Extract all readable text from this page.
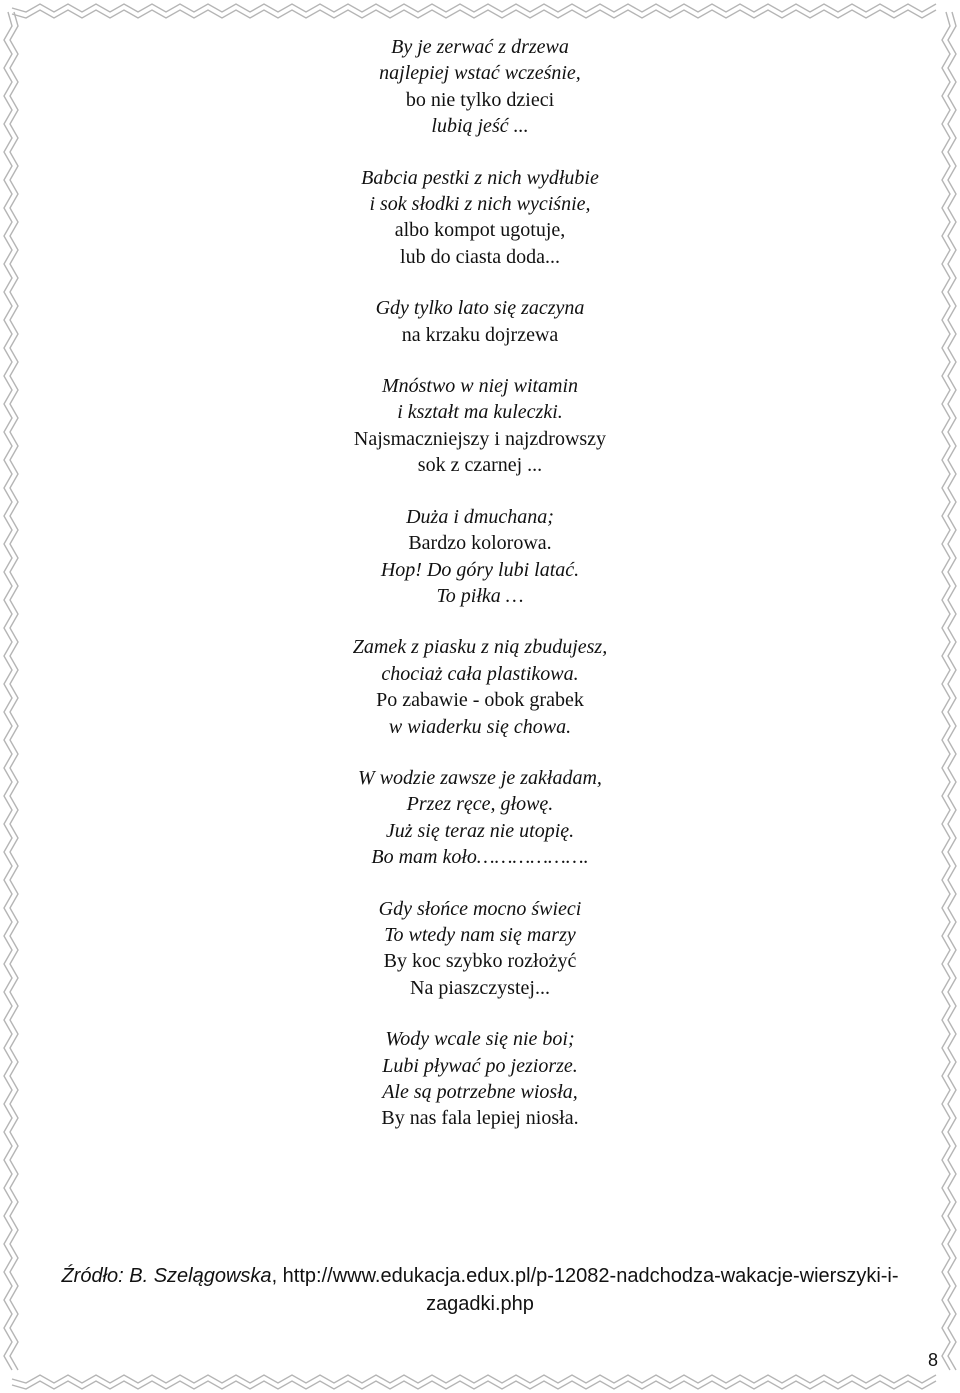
By je zerwać z drzewa
najlepiej wstać wcześnie,
bo nie tylko dzieci
lubią jeść ...
Babcia pestki z nich wydłubie
i sok słodki z nich wyciśnie,
albo kompot ugotuje,
lub do ciasta doda...
Gdy tylko lato się zaczyna
na krzaku dojrzewa
Mnóstwo w niej witamin
i kształt ma kuleczki.
Najsmaczniejszy i najzdrowszy
sok z czarnej ...
Duża i dmuchana;
Bardzo kolorowa.
Hop! Do góry lubi latać.
To piłka …
Zamek z piasku z nią zbudujesz,
chociaż cała plastikowa.
Po zabawie - obok grabek
w wiaderku się chowa.
W wodzie zawsze je zakładam,
Przez ręce, głowę.
Już się teraz nie utopię.
Bo mam koło……………….
Gdy słońce mocno świeci
To wtedy nam się marzy
By koc szybko rozłożyć
Na piaszczystej...
Wody wcale się nie boi;
Lubi pływać po jeziorze.
Ale są potrzebne wiosła,
By nas fala lepiej niosła.
Źródło: B. Szelągowska, http://www.edukacja.edux.pl/p-12082-nadchodza-wakacje-wierszyki-i-zagadki.php
8
